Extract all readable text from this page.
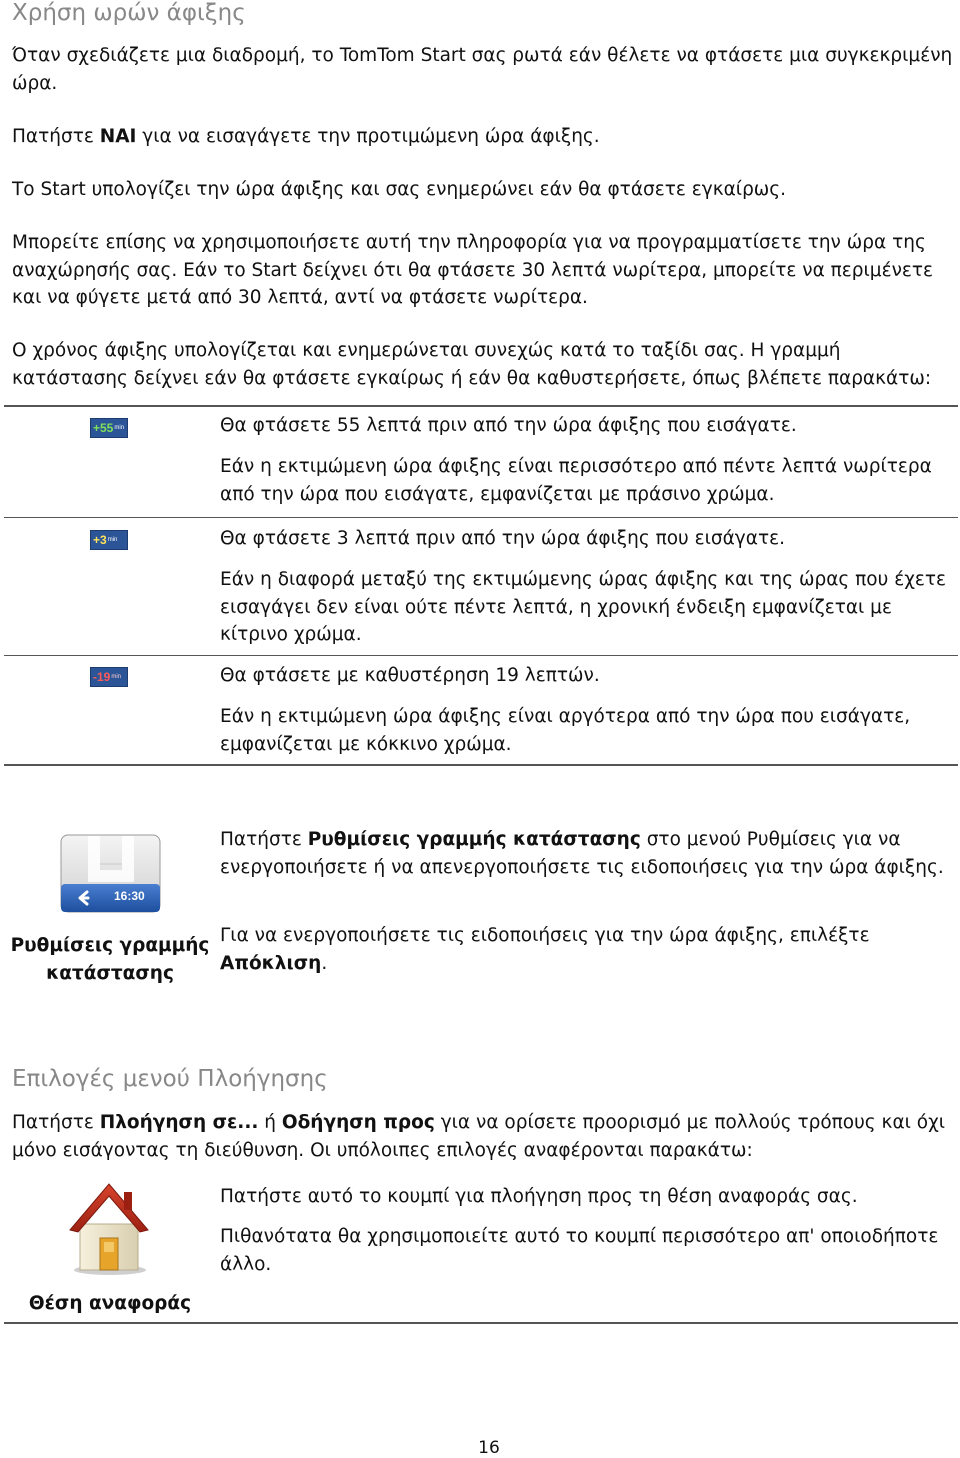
Χρήση ωρών άφιξης

Όταν σχεδιάζετε μια διαδρομή, το TomTom Start σας ρωτά εάν θέλετε να φτάσετε μια συγκεκριμένη ώρα.

Πατήστε ΝΑΙ για να εισαγάγετε την προτιμώμενη ώρα άφιξης.

Το Start υπολογίζει την ώρα άφιξης και σας ενημερώνει εάν θα φτάσετε εγκαίρως.

Μπορείτε επίσης να χρησιμοποιήσετε αυτή την πληροφορία για να προγραμματίσετε την ώρα της αναχώρησής σας. Εάν το Start δείχνει ότι θα φτάσετε 30 λεπτά νωρίτερα, μπορείτε να περιμένετε και να φύγετε μετά από 30 λεπτά, αντί να φτάσετε νωρίτερα.

Ο χρόνος άφιξης υπολογίζεται και ενημερώνεται συνεχώς κατά το ταξίδι σας. Η γραμμή κατάστασης δείχνει εάν θα φτάσετε εγκαίρως ή εάν θα καθυστερήσετε, όπως βλέπετε παρακάτω:

$+55^{min}$	Θα φτάσετε 55 λεπτά πριν από την ώρα άφιξης που εισάγατε.

Εάν η εκτιμώμενη ώρα άφιξης είναι περισσότερο από πέντε λεπτά νωρίτερα από την ώρα που εισάγατε, εμφανίζεται με πράσινο χρώμα.

$+3^{min}$	Θα φτάσετε 3 λεπτά πριν από την ώρα άφιξης που εισάγατε.

Εάν η διαφορά μεταξύ της εκτιμώμενης ώρας άφιξης και της ώρας που έχετε εισαγάγει δεν είναι ούτε πέντε λεπτά, η χρονική ένδειξη εμφανίζεται με κίτρινο χρώμα.

$-19^{min}$	Θα φτάσετε με καθυστέρηση 19 λεπτών.

Εάν η εκτιμώμενη ώρα άφιξης είναι αργότερα από την ώρα που εισάγατε, εμφανίζεται με κόκκινο χρώμα.

16:30

Ρυθμίσεις γραμμής κατάστασης

Πατήστε Ρυθμίσεις γραμμής κατάστασης στο μενού Ρυθμίσεις για να ενεργοποιήσετε ή να απενεργοποιήσετε τις ειδοποιήσεις για την ώρα άφιξης.

Για να ενεργοποιήσετε τις ειδοποιήσεις για την ώρα άφιξης, επιλέξτε Απόκλιση.

Επιλογές μενού Πλοήγησης

Πατήστε Πλοήγηση σε... ή Οδήγηση προς για να ορίσετε προορισμό με πολλούς τρόπους και όχι μόνο εισάγοντας τη διεύθυνση. Οι υπόλοιπες επιλογές αναφέρονται παρακάτω:

Θέση αναφοράς

Πατήστε αυτό το κουμπί για πλοήγηση προς τη θέση αναφοράς σας.

Πιθανότατα θα χρησιμοποιείτε αυτό το κουμπί περισσότερο απ' οποιοδήποτε άλλο.

16
